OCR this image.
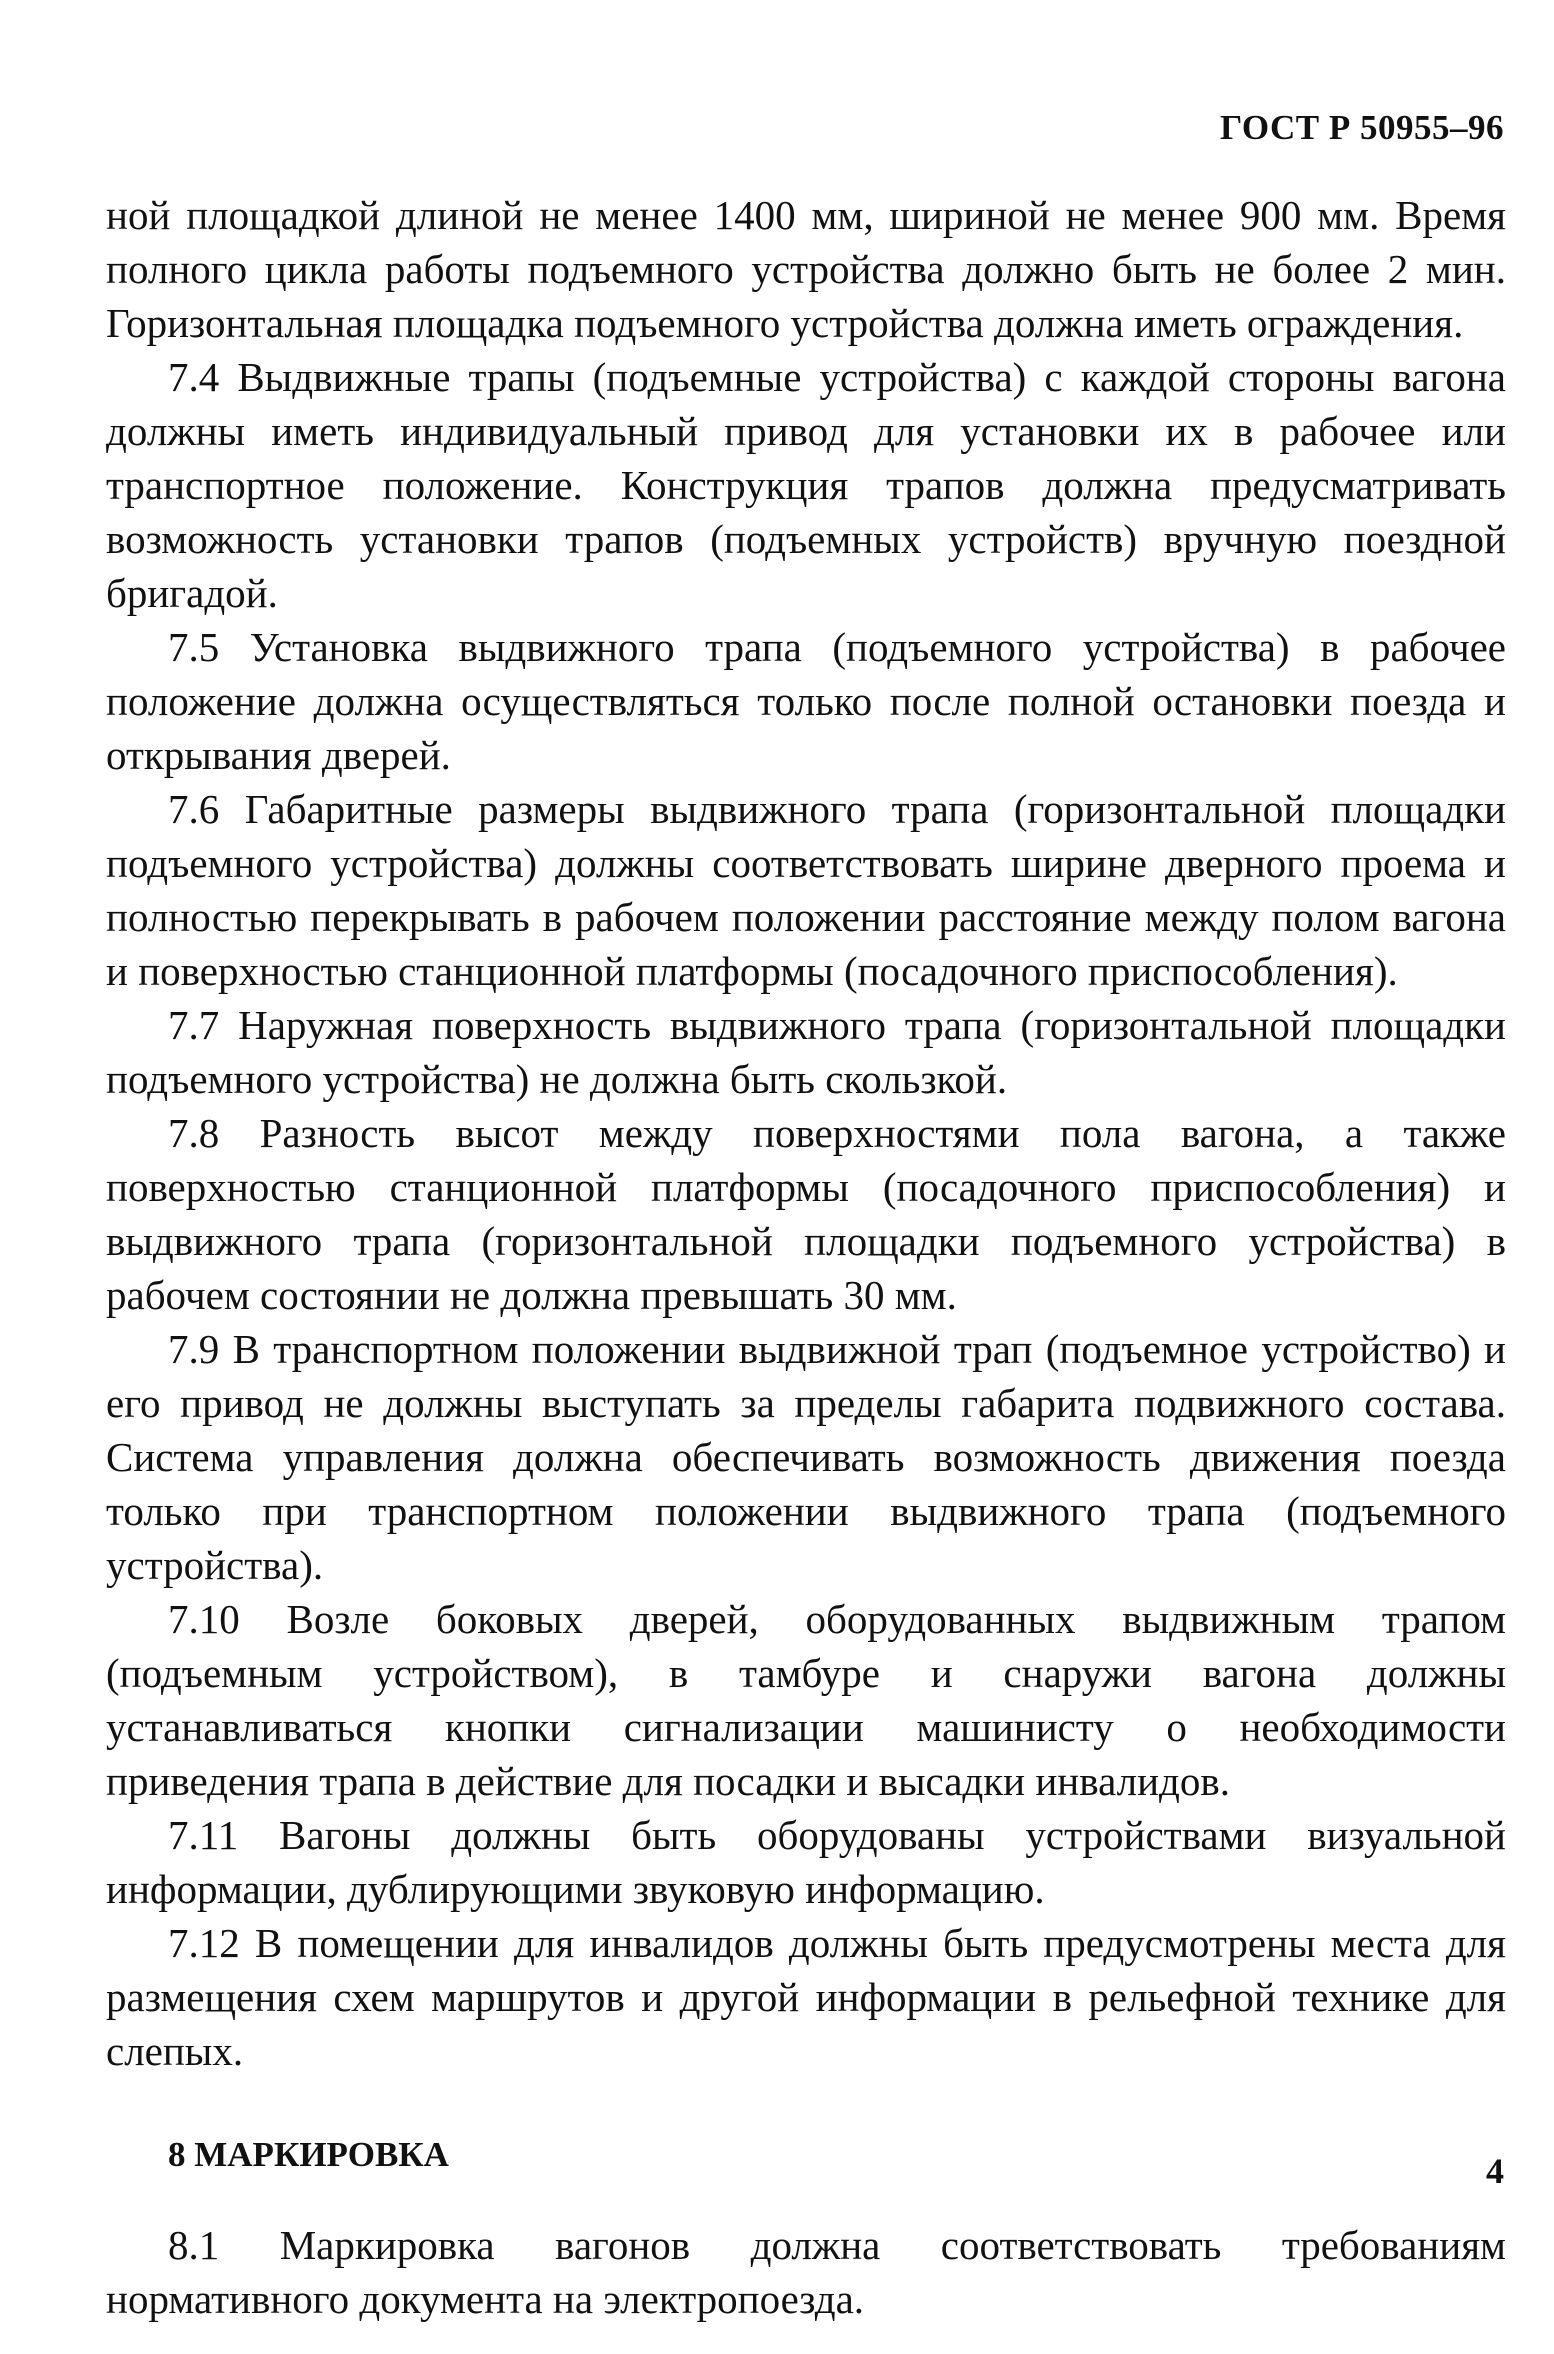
ГОСТ Р 50955–96

ной площадкой длиной не менее 1400 мм, шириной не менее 900 мм. Время полного цикла работы подъемного устройства должно быть не более 2 мин. Горизонтальная площадка подъемного устройства должна иметь ограждения.

7.4 Выдвижные трапы (подъемные устройства) с каждой стороны вагона должны иметь индивидуальный привод для установки их в рабочее или транспортное положение. Конструкция трапов должна предусматривать возможность установки трапов (подъемных устройств) вручную поездной бригадой.

7.5 Установка выдвижного трапа (подъемного устройства) в рабочее положение должна осуществляться только после полной остановки поезда и открывания дверей.

7.6 Габаритные размеры выдвижного трапа (горизонтальной площадки подъемного устройства) должны соответствовать ширине дверного проема и полностью перекрывать в рабочем положении расстояние между полом вагона и поверхностью станционной платформы (посадочного приспособления).

7.7 Наружная поверхность выдвижного трапа (горизонтальной площадки подъемного устройства) не должна быть скользкой.

7.8 Разность высот между поверхностями пола вагона, а также поверхностью станционной платформы (посадочного приспособления) и выдвижного трапа (горизонтальной площадки подъемного устройства) в рабочем состоянии не должна превышать 30 мм.

7.9 В транспортном положении выдвижной трап (подъемное устройство) и его привод не должны выступать за пределы габарита подвижного состава. Система управления должна обеспечивать возможность движения поезда только при транспортном положении выдвижного трапа (подъемного устройства).

7.10 Возле боковых дверей, оборудованных выдвижным трапом (подъемным устройством), в тамбуре и снаружи вагона должны устанавливаться кнопки сигнализации машинисту о необходимости приведения трапа в действие для посадки и высадки инвалидов.

7.11 Вагоны должны быть оборудованы устройствами визуальной информации, дублирующими звуковую информацию.

7.12 В помещении для инвалидов должны быть предусмотрены места для размещения схем маршрутов и другой информации в рельефной технике для слепых.

8 МАРКИРОВКА

8.1 Маркировка вагонов должна соответствовать требованиям нормативного документа на электропоезда.

4
